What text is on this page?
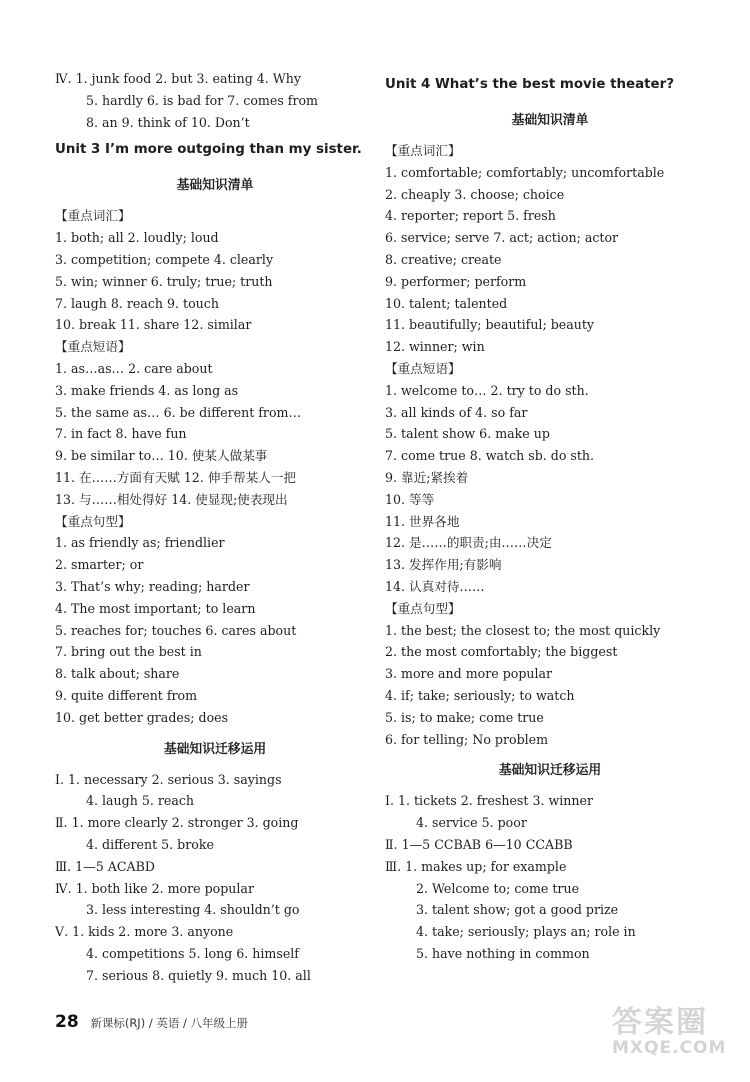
Ⅳ. 1. junk food 2. but 3. eating 4. Why
5. hardly 6. is bad for 7. comes from
8. an 9. think of 10. Don’t
Unit 3 I’m more outgoing than my sister.
基础知识清单
【重点词汇】
1. both; all 2. loudly; loud
3. competition; compete 4. clearly
5. win; winner 6. truly; true; truth
7. laugh 8. reach 9. touch
10. break 11. share 12. similar
【重点短语】
1. as…as… 2. care about
3. make friends 4. as long as
5. the same as… 6. be different from…
7. in fact 8. have fun
9. be similar to… 10. 使某人做某事
11. 在……方面有天赋 12. 伸手帮某人一把
13. 与……相处得好 14. 使显现;使表现出
【重点句型】
1. as friendly as; friendlier
2. smarter; or
3. That’s why; reading; harder
4. The most important; to learn
5. reaches for; touches 6. cares about
7. bring out the best in
8. talk about; share
9. quite different from
10. get better grades; does
基础知识迁移运用
Ⅰ. 1. necessary 2. serious 3. sayings
4. laugh 5. reach
Ⅱ. 1. more clearly 2. stronger 3. going
4. different 5. broke
Ⅲ. 1—5 ACABD
Ⅳ. 1. both like 2. more popular
3. less interesting 4. shouldn’t go
Ⅴ. 1. kids 2. more 3. anyone
4. competitions 5. long 6. himself
7. serious 8. quietly 9. much 10. all
Unit 4 What’s the best movie theater?
基础知识清单
【重点词汇】
1. comfortable; comfortably; uncomfortable
2. cheaply 3. choose; choice
4. reporter; report 5. fresh
6. service; serve 7. act; action; actor
8. creative; create
9. performer; perform
10. talent; talented
11. beautifully; beautiful; beauty
12. winner; win
【重点短语】
1. welcome to… 2. try to do sth.
3. all kinds of 4. so far
5. talent show 6. make up
7. come true 8. watch sb. do sth.
9. 靠近;紧挨着
10. 等等
11. 世界各地
12. 是……的职责;由……决定
13. 发挥作用;有影响
14. 认真对待……
【重点句型】
1. the best; the closest to; the most quickly
2. the most comfortably; the biggest
3. more and more popular
4. if; take; seriously; to watch
5. is; to make; come true
6. for telling; No problem
基础知识迁移运用
Ⅰ. 1. tickets 2. freshest 3. winner
4. service 5. poor
Ⅱ. 1—5 CCBAB 6—10 CCABB
Ⅲ. 1. makes up; for example
2. Welcome to; come true
3. talent show; got a good prize
4. take; seriously; plays an; role in
5. have nothing in common
28 新课标(RJ) / 英语 / 八年级上册	答案圈
MXQE.COM
